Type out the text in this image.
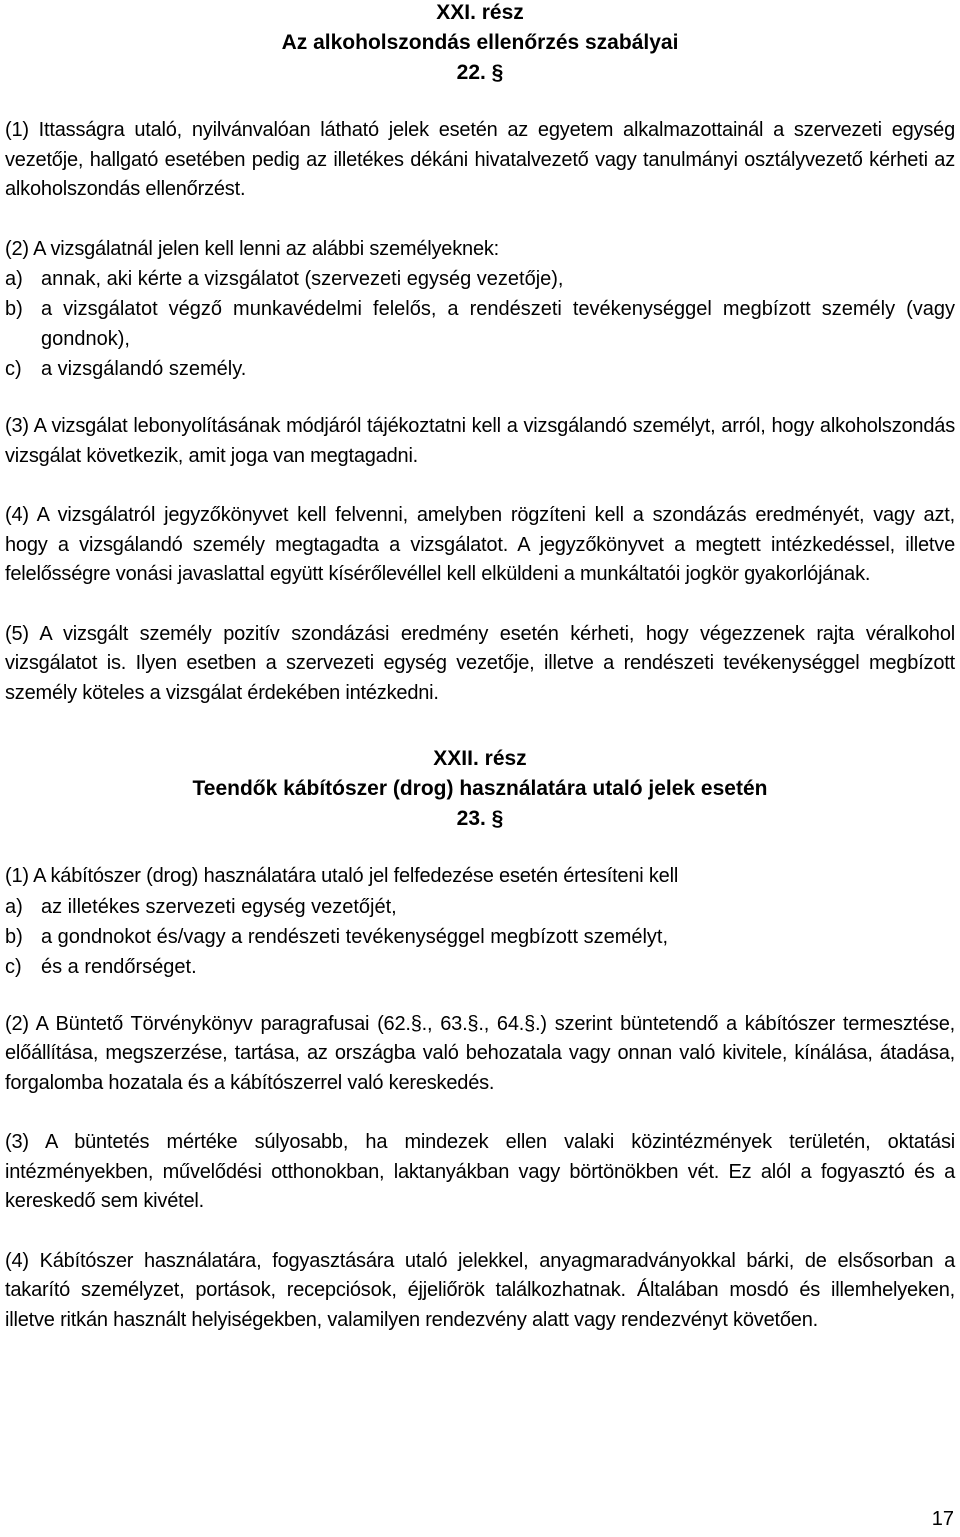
XXI. rész
Az alkoholszondás ellenőrzés szabályai
22. §

(1) Ittasságra utaló, nyilvánvalóan látható jelek esetén az egyetem alkalmazottainál a szervezeti egység vezetője, hallgató esetében pedig az illetékes dékáni hivatalvezető vagy tanulmányi osztályvezető kérheti az alkoholszondás ellenőrzést.

(2) A vizsgálatnál jelen kell lenni az alábbi személyeknek:

a) annak, aki kérte a vizsgálatot (szervezeti egység vezetője),
b) a vizsgálatot végző munkavédelmi felelős, a rendészeti tevékenységgel megbízott személy (vagy gondnok),
c) a vizsgálandó személy.

(3) A vizsgálat lebonyolításának módjáról tájékoztatni kell a vizsgálandó személyt, arról, hogy alkoholszondás vizsgálat következik, amit joga van megtagadni.

(4) A vizsgálatról jegyzőkönyvet kell felvenni, amelyben rögzíteni kell a szondázás eredményét, vagy azt, hogy a vizsgálandó személy megtagadta a vizsgálatot. A jegyzőkönyvet a megtett intézkedéssel, illetve felelősségre vonási javaslattal együtt kísérőlevéllel kell elküldeni a munkáltatói jogkör gyakorlójának.

(5) A vizsgált személy pozitív szondázási eredmény esetén kérheti, hogy végezzenek rajta véralkohol vizsgálatot is. Ilyen esetben a szervezeti egység vezetője, illetve a rendészeti tevékenységgel megbízott személy köteles a vizsgálat érdekében intézkedni.

XXII. rész
Teendők kábítószer (drog) használatára utaló jelek esetén
23. §

(1) A kábítószer (drog) használatára utaló jel felfedezése esetén értesíteni kell

a) az illetékes szervezeti egység vezetőjét,
b) a gondnokot és/vagy a rendészeti tevékenységgel megbízott személyt,
c) és a rendőrséget.

(2) A Büntető Törvénykönyv paragrafusai (62.§., 63.§., 64.§.) szerint büntetendő a kábítószer termesztése, előállítása, megszerzése, tartása, az országba való behozatala vagy onnan való kivitele, kínálása, átadása, forgalomba hozatala és a kábítószerrel való kereskedés.

(3) A büntetés mértéke súlyosabb, ha mindezek ellen valaki közintézmények területén, oktatási intézményekben, művelődési otthonokban, laktanyákban vagy börtönökben vét. Ez alól a fogyasztó és a kereskedő sem kivétel.

(4) Kábítószer használatára, fogyasztására utaló jelekkel, anyagmaradványokkal bárki, de elsősorban a takarító személyzet, portások, recepciósok, éjjeliőrök találkozhatnak. Általában mosdó és illemhelyeken, illetve ritkán használt helyiségekben, valamilyen rendezvény alatt vagy rendezvényt követően.

17
